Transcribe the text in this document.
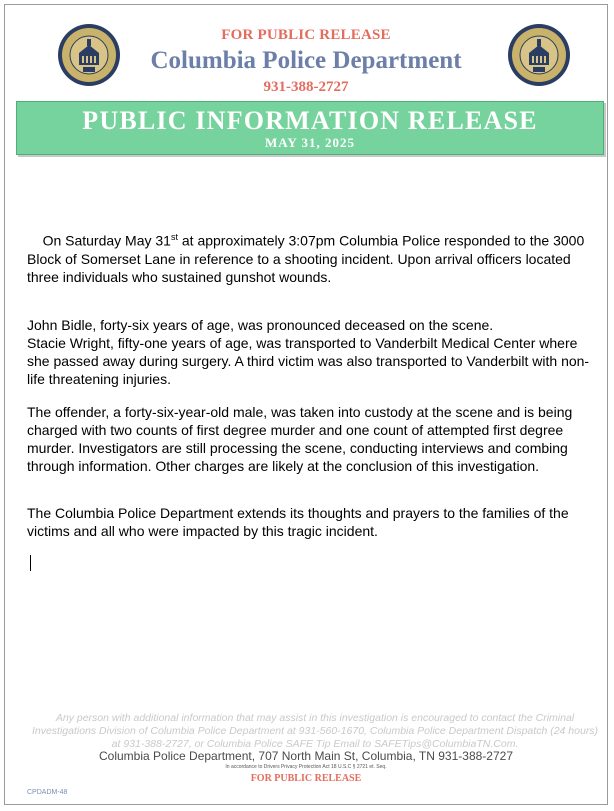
FOR PUBLIC RELEASE
Columbia Police Department
931-388-2727
PUBLIC INFORMATION RELEASE
MAY 31, 2025

On Saturday May 31st at approximately 3:07pm Columbia Police responded to the 3000 Block of Somerset Lane in reference to a shooting incident. Upon arrival officers located three individuals who sustained gunshot wounds.

John Bidle, forty-six years of age, was pronounced deceased on the scene.

Stacie Wright, fifty-one years of age, was transported to Vanderbilt Medical Center where she passed away during surgery. A third victim was also transported to Vanderbilt with non-life threatening injuries.

The offender, a forty-six-year-old male, was taken into custody at the scene and is being charged with two counts of first degree murder and one count of attempted first degree murder. Investigators are still processing the scene, conducting interviews and combing through information. Other charges are likely at the conclusion of this investigation.

The Columbia Police Department extends its thoughts and prayers to the families of the victims and all who were impacted by this tragic incident.

Any person with additional information that may assist in this investigation is encouraged to contact the Criminal Investigations Division of Columbia Police Department at 931-560-1670, Columbia Police Department Dispatch (24 hours) at 931-388-2727, or Columbia Police SAFE Tip Email to SAFETips@ColumbiaTN.Com.
Columbia Police Department, 707 North Main St, Columbia, TN 931-388-2727
In accordance to Drivers Privacy Protection Act 18 U.S.C § 2721 et. Seq.
FOR PUBLIC RELEASE
CPDADM-48
